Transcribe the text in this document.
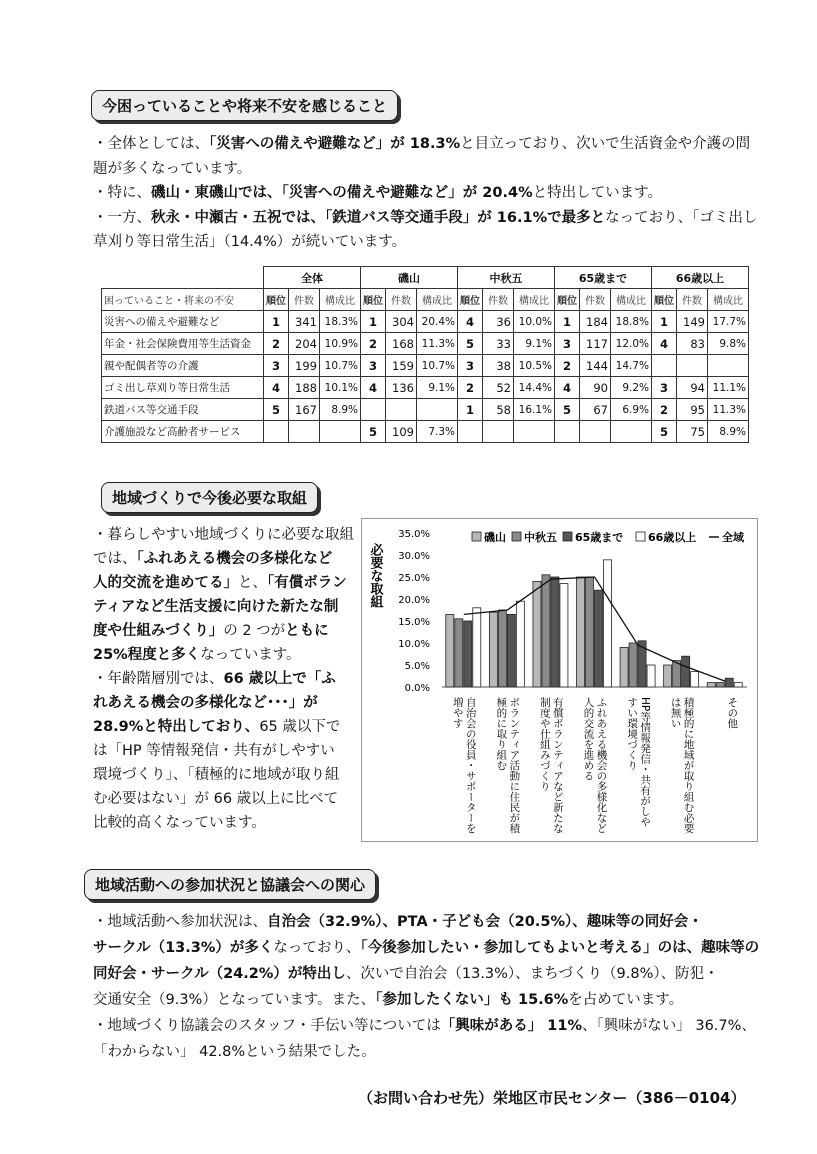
今困っていることや将来不安を感じること
・全体としては、「災害への備えや避難など」が 18.3%と目立っており、次いで生活資金や介護の問
題が多くなっています。
・特に、磯山・東磯山では、「災害への備えや避難など」が 20.4%と特出しています。
・一方、秋永・中瀬古・五祝では、「鉄道バス等交通手段」が 16.1%で最多となっており、「ゴミ出し
草刈り等日常生活」（14.4%）が続いています。
	全体			磯山			中秋五			65歳まで			66歳以上		
困っていること・将来の不安	順位	件数	構成比	順位	件数	構成比	順位	件数	構成比	順位	件数	構成比	順位	件数	構成比
災害への備えや避難など	1	341	18.3%	1	304	20.4%	4	36	10.0%	1	184	18.8%	1	149	17.7%
年金・社会保険費用等生活資金	2	204	10.9%	2	168	11.3%	5	33	9.1%	3	117	12.0%	4	83	9.8%
親や配偶者等の介護	3	199	10.7%	3	159	10.7%	3	38	10.5%	2	144	14.7%			
ゴミ出し草刈り等日常生活	4	188	10.1%	4	136	9.1%	2	52	14.4%	4	90	9.2%	3	94	11.1%
鉄道バス等交通手段	5	167	8.9%				1	58	16.1%	5	67	6.9%	2	95	11.3%
介護施設など高齢者サービス				5	109	7.3%							5	75	8.9%
地域づくりで今後必要な取組
・暮らしやすい地域づくりに必要な取組
では、「ふれあえる機会の多様化など
人的交流を進めてる」と、「有償ボラン
ティアなど生活支援に向けた新たな制
度や仕組みづくり」の 2 つがともに
25%程度と多くなっています。
・年齢階層別では、66 歳以上で「ふ
れあえる機会の多様化など･･･」が
28.9%と特出しており、65 歳以下で
は「HP 等情報発信・共有がしやすい
環境づくり」、「積極的に地域が取り組
む必要はない」が 66 歳以上に比べて
比較的高くなっています。
必要な取組
0.0%
5.0%
10.0%
15.0%
20.0%
25.0%
30.0%
35.0%	磯山 中秋五 65歳まで 66歳以上 全域
自治会の役員・サポーターを
増やす	ボランティア活動に住民が積
極的に取り組む	有償ボランティアなど新たな
制度や仕組みづくり	ふれあえる機会の多様化など
人的交流を進める	HP等情報発信・共有がしや
すい環境づくり	積極的に地域が取り組む必要
は無い	その他
地域活動への参加状況と協議会への関心
・地域活動へ参加状況は、自治会（32.9%）、PTA・子ども会（20.5%）、趣味等の同好会・
サークル（13.3%）が多くなっており、「今後参加したい・参加してもよいと考える」のは、趣味等の
同好会・サークル（24.2%）が特出し、次いで自治会（13.3%）、まちづくり（9.8%）、防犯・
交通安全（9.3%）となっています。また、「参加したくない」も 15.6%を占めています。
・地域づくり協議会のスタッフ・手伝い等については「興味がある」 11%、「興味がない」 36.7%、
「わからない」 42.8%という結果でした。
（お問い合わせ先）栄地区市民センター（386－0104）
